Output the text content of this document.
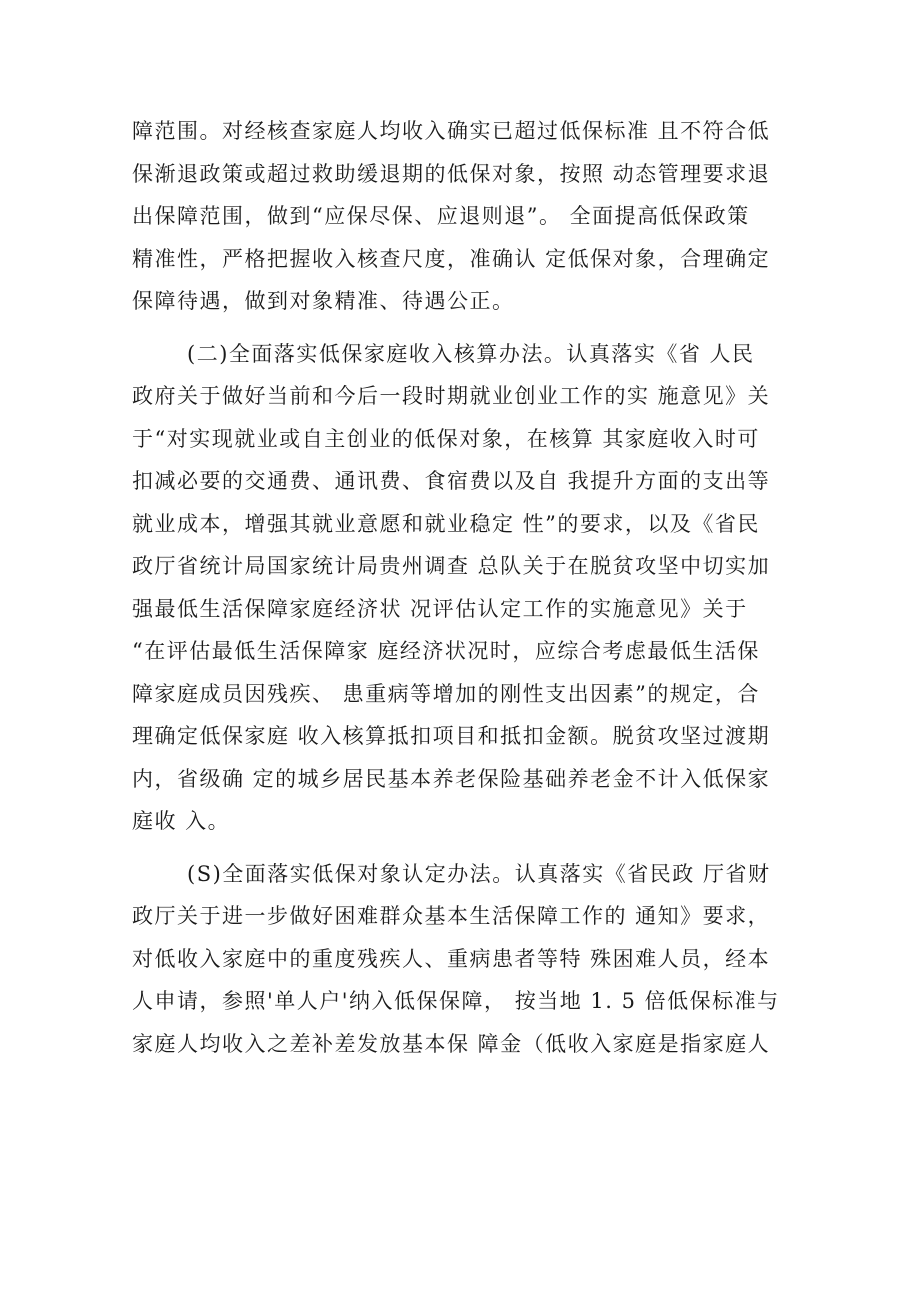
障范围。对经核查家庭人均收入确实已超过低保标准 且不符合低
保渐退政策或超过救助缓退期的低保对象，按照 动态管理要求退
出保障范围，做到“应保尽保、应退则退”。 全面提高低保政策
精准性，严格把握收入核查尺度，准确认 定低保对象，合理确定
保障待遇，做到对象精准、待遇公正。
(二)全面落实低保家庭收入核算办法。认真落实《省 人民
政府关于做好当前和今后一段时期就业创业工作的实 施意见》关
于“对实现就业或自主创业的低保对象，在核算 其家庭收入时可
扣减必要的交通费、通讯费、食宿费以及自 我提升方面的支出等
就业成本，增强其就业意愿和就业稳定 性”的要求，以及《省民
政厅省统计局国家统计局贵州调查 总队关于在脱贫攻坚中切实加
强最低生活保障家庭经济状 况评估认定工作的实施意见》关于
“在评估最低生活保障家 庭经济状况时，应综合考虑最低生活保
障家庭成员因残疾、 患重病等增加的刚性支出因素”的规定，合
理确定低保家庭 收入核算抵扣项目和抵扣金额。脱贫攻坚过渡期
内，省级确 定的城乡居民基本养老保险基础养老金不计入低保家
庭收 入。
(S)全面落实低保对象认定办法。认真落实《省民政 厅省财
政厅关于进一步做好困难群众基本生活保障工作的 通知》要求，
对低收入家庭中的重度残疾人、重病患者等特 殊困难人员，经本
人申请，参照'单人户'纳入低保保障， 按当地 1. 5 倍低保标准与
家庭人均收入之差补差发放基本保 障金（低收入家庭是指家庭人
